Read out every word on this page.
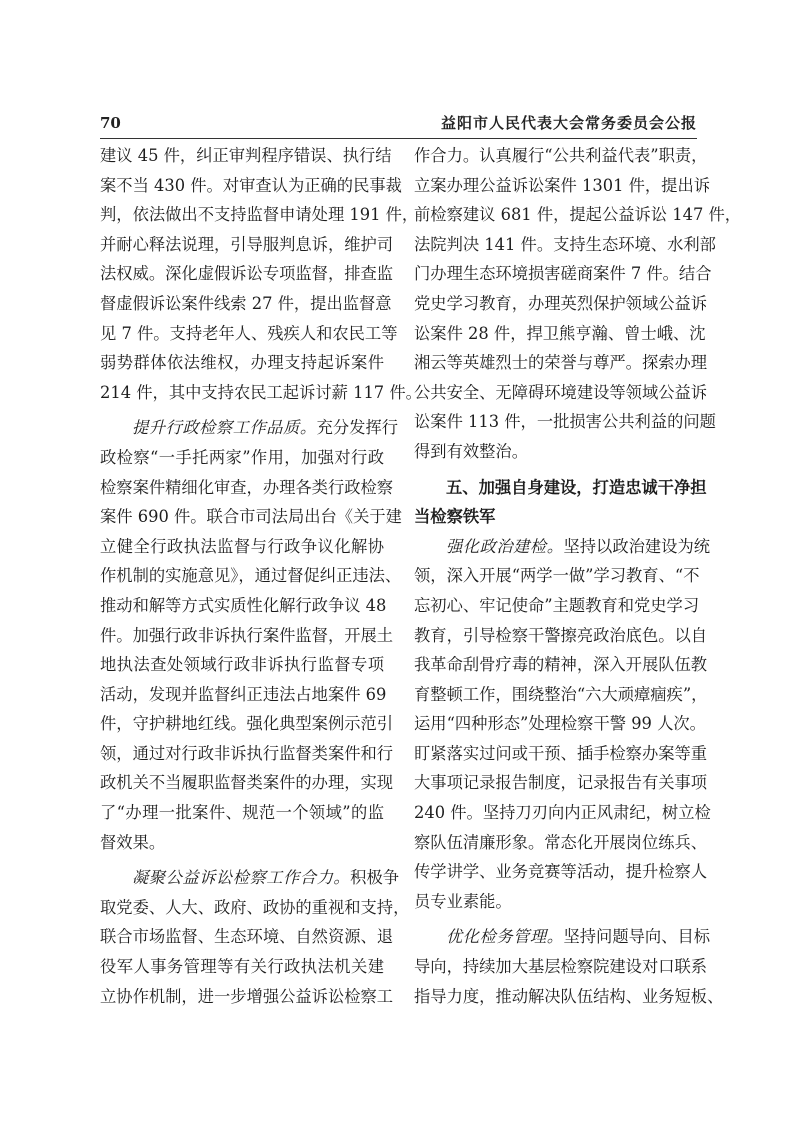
70	益阳市人民代表大会常务委员会公报
建议 45 件，纠正审判程序错误、执行结
案不当 430 件。对审查认为正确的民事裁
判，依法做出不支持监督申请处理 191 件，
并耐心释法说理，引导服判息诉，维护司
法权威。深化虚假诉讼专项监督，排查监
督虚假诉讼案件线索 27 件，提出监督意
见 7 件。支持老年人、残疾人和农民工等
弱势群体依法维权，办理支持起诉案件
214 件，其中支持农民工起诉讨薪 117 件。
提升行政检察工作品质。充分发挥行
政检察“一手托两家”作用，加强对行政
检察案件精细化审查，办理各类行政检察
案件 690 件。联合市司法局出台《关于建
立健全行政执法监督与行政争议化解协
作机制的实施意见》，通过督促纠正违法、
推动和解等方式实质性化解行政争议 48
件。加强行政非诉执行案件监督，开展土
地执法查处领域行政非诉执行监督专项
活动，发现并监督纠正违法占地案件 69
件，守护耕地红线。强化典型案例示范引
领，通过对行政非诉执行监督类案件和行
政机关不当履职监督类案件的办理，实现
了“办理一批案件、规范一个领域”的监
督效果。
凝聚公益诉讼检察工作合力。积极争
取党委、人大、政府、政协的重视和支持，
联合市场监督、生态环境、自然资源、退
役军人事务管理等有关行政执法机关建
立协作机制，进一步增强公益诉讼检察工
作合力。认真履行“公共利益代表”职责，
立案办理公益诉讼案件 1301 件，提出诉
前检察建议 681 件，提起公益诉讼 147 件，
法院判决 141 件。支持生态环境、水利部
门办理生态环境损害磋商案件 7 件。结合
党史学习教育，办理英烈保护领域公益诉
讼案件 28 件，捍卫熊亨瀚、曾士峨、沈
湘云等英雄烈士的荣誉与尊严。探索办理
公共安全、无障碍环境建设等领域公益诉
讼案件 113 件，一批损害公共利益的问题
得到有效整治。
五、加强自身建设，打造忠诚干净担
当检察铁军
强化政治建检。坚持以政治建设为统
领，深入开展“两学一做”学习教育、“不
忘初心、牢记使命”主题教育和党史学习
教育，引导检察干警擦亮政治底色。以自
我革命刮骨疗毒的精神，深入开展队伍教
育整顿工作，围绕整治“六大顽瘴痼疾”，
运用“四种形态”处理检察干警 99 人次。
盯紧落实过问或干预、插手检察办案等重
大事项记录报告制度，记录报告有关事项
240 件。坚持刀刃向内正风肃纪，树立检
察队伍清廉形象。常态化开展岗位练兵、
传学讲学、业务竞赛等活动，提升检察人
员专业素能。
优化检务管理。坚持问题导向、目标
导向，持续加大基层检察院建设对口联系
指导力度，推动解决队伍结构、业务短板、
